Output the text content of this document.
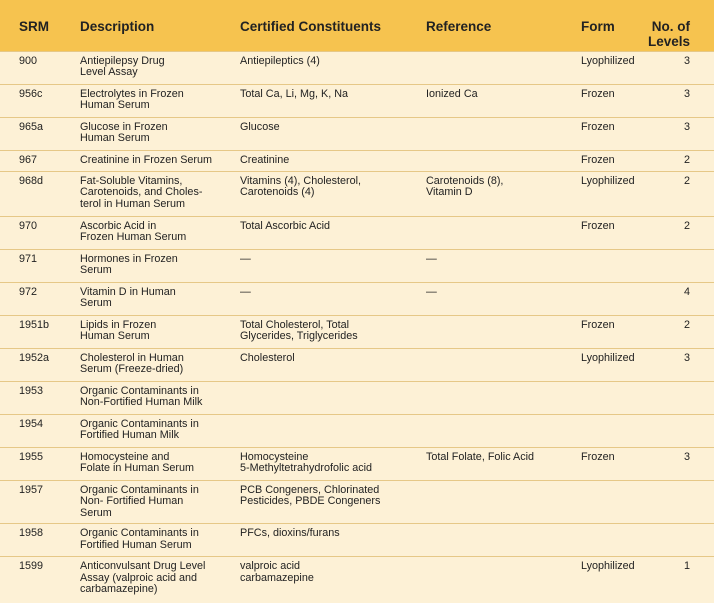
SRM	Description	Certified Constituents	Reference	Form	No. of
Levels
900	Antiepilepsy Drug
Level Assay	Antiepileptics (4)		Lyophilized	3
956c	Electrolytes in Frozen
Human Serum	Total Ca, Li, Mg, K, Na	Ionized Ca	Frozen	3
965a	Glucose in Frozen
Human Serum	Glucose		Frozen	3
967	Creatinine in Frozen Serum	Creatinine		Frozen	2
968d	Fat-Soluble Vitamins,
Carotenoids, and Choles-
terol in Human Serum	Vitamins (4), Cholesterol,
Carotenoids (4)	Carotenoids (8),
Vitamin D	Lyophilized	2
970	Ascorbic Acid in
Frozen Human Serum	Total Ascorbic Acid		Frozen	2
971	Hormones in Frozen
Serum	—	—		
972	Vitamin D in Human
Serum	—	—		4
1951b	Lipids in Frozen
Human Serum	Total Cholesterol, Total
Glycerides, Triglycerides		Frozen	2
1952a	Cholesterol in Human
Serum (Freeze-dried)	Cholesterol		Lyophilized	3
1953	Organic Contaminants in
Non-Fortified Human Milk				
1954	Organic Contaminants in
Fortified Human Milk				
1955	Homocysteine and
Folate in Human Serum	Homocysteine
5-Methyltetrahydrofolic acid	Total Folate, Folic Acid	Frozen	3
1957	Organic Contaminants in
Non- Fortified Human Serum	PCB Congeners, Chlorinated
Pesticides, PBDE Congeners			
1958	Organic Contaminants in
Fortified Human Serum	PFCs, dioxins/furans			
1599	Anticonvulsant Drug Level
Assay (valproic acid and
carbamazepine)	valproic acid
carbamazepine		Lyophilized	1
